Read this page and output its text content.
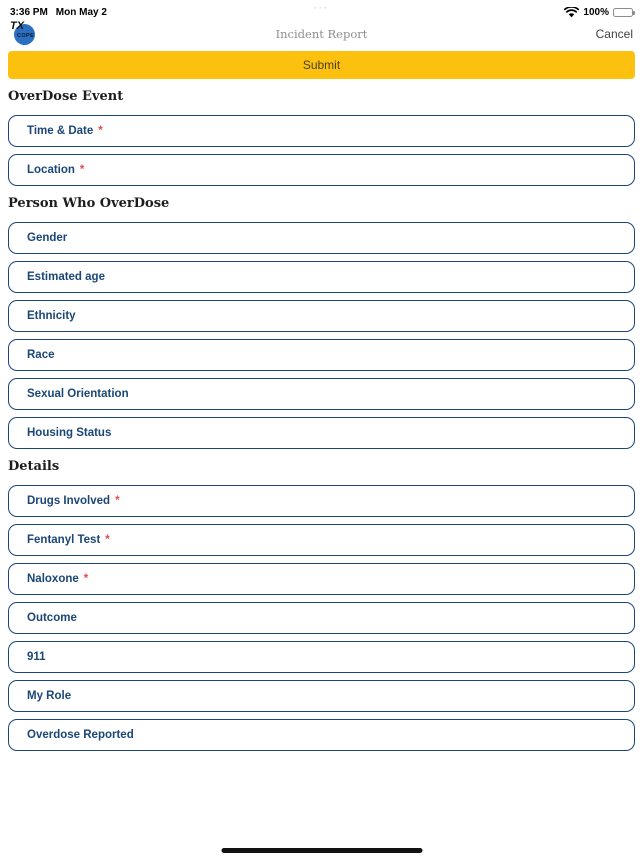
3:36 PM Mon May 2	100%
···
TX
COPE	Incident Report	Cancel
Submit
OverDose Event
Time & Date *
Location *
Person Who OverDose
Gender
Estimated age
Ethnicity
Race
Sexual Orientation
Housing Status
Details
Drugs Involved *
Fentanyl Test *
Naloxone *
Outcome
911
My Role
Overdose Reported
